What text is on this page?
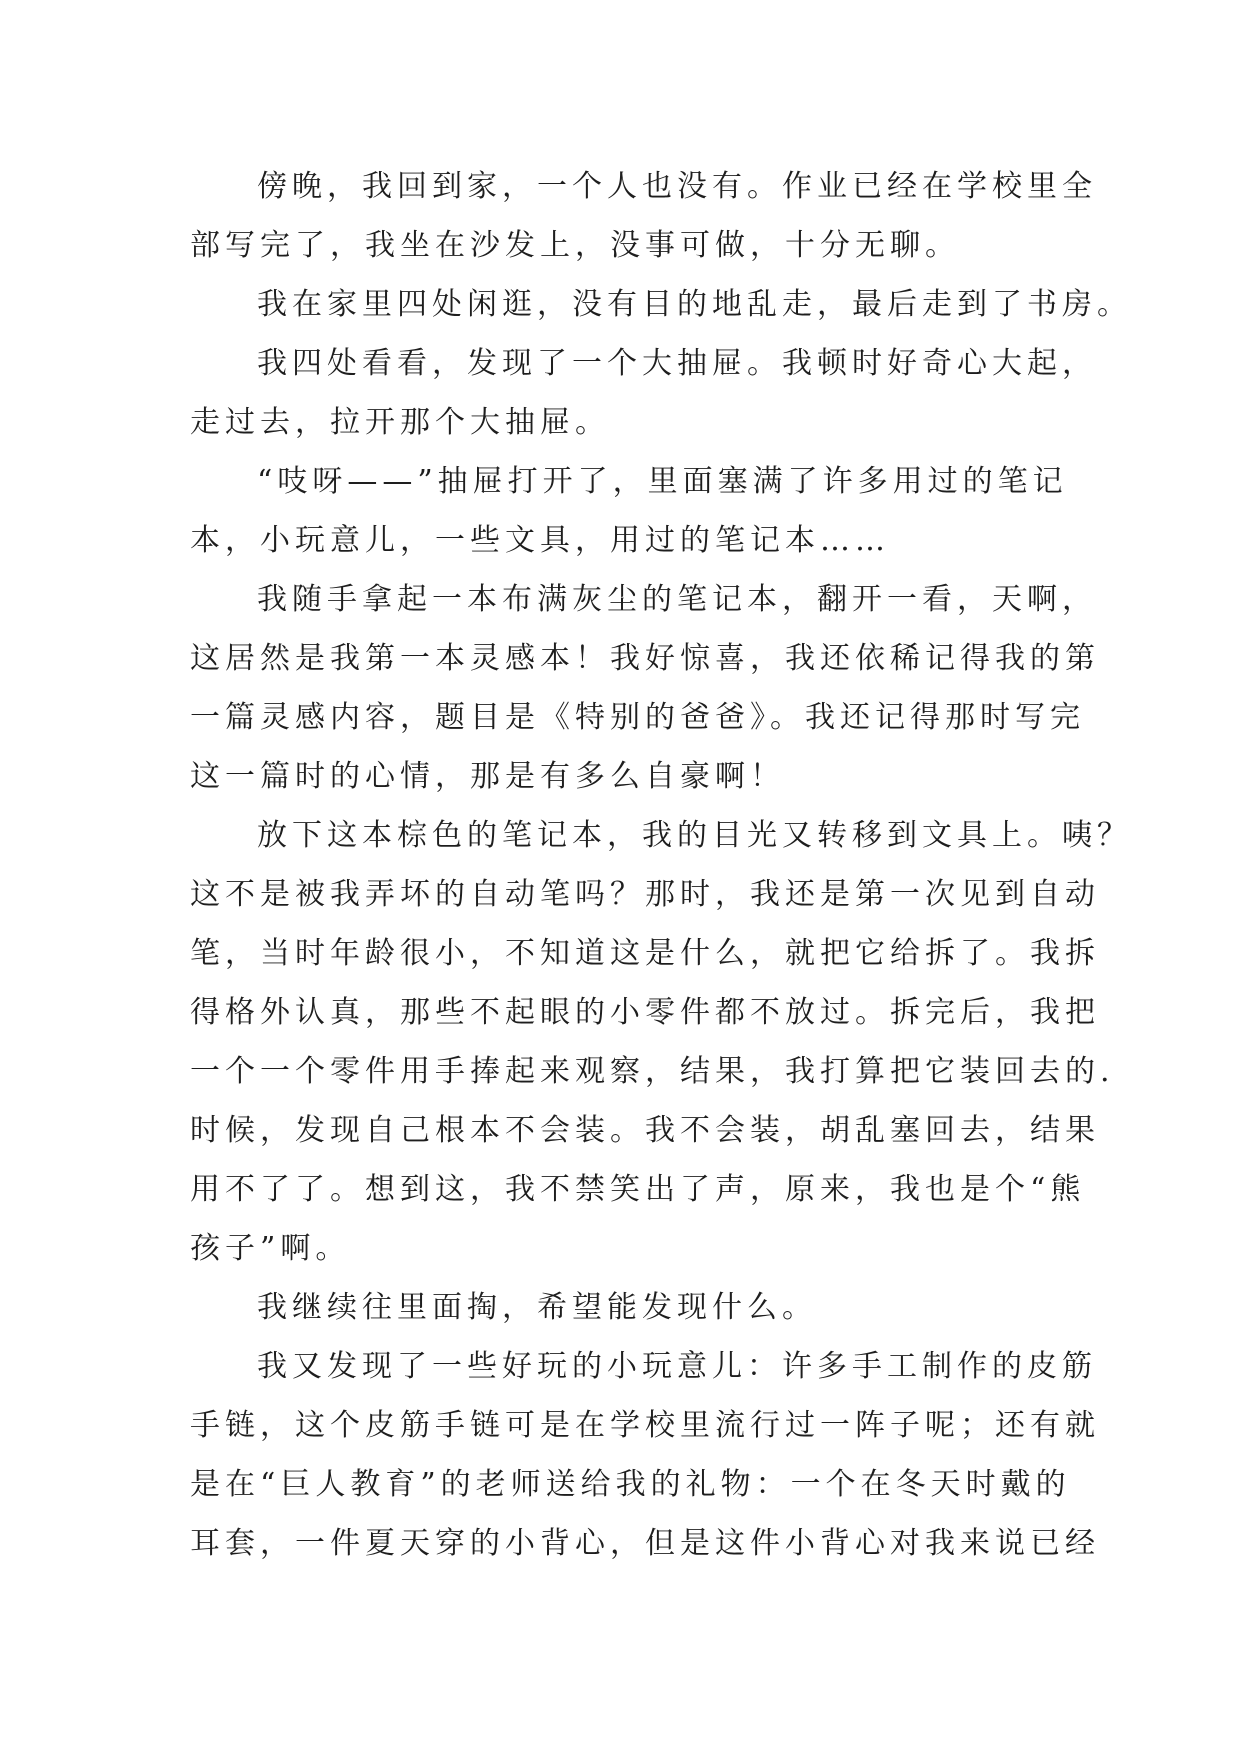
傍晚，我回到家，一个人也没有。作业已经在学校里全
部写完了，我坐在沙发上，没事可做，十分无聊。
我在家里四处闲逛，没有目的地乱走，最后走到了书房。
我四处看看，发现了一个大抽屉。我顿时好奇心大起，
走过去，拉开那个大抽屉。
“吱呀——”抽屉打开了，里面塞满了许多用过的笔记
本，小玩意儿，一些文具，用过的笔记本……
我随手拿起一本布满灰尘的笔记本，翻开一看，天啊，
这居然是我第一本灵感本！我好惊喜，我还依稀记得我的第
一篇灵感内容，题目是《特别的爸爸》。我还记得那时写完
这一篇时的心情，那是有多么自豪啊！
放下这本棕色的笔记本，我的目光又转移到文具上。咦？
这不是被我弄坏的自动笔吗？那时，我还是第一次见到自动
笔，当时年龄很小，不知道这是什么，就把它给拆了。我拆
得格外认真，那些不起眼的小零件都不放过。拆完后，我把
一个一个零件用手捧起来观察，结果，我打算把它装回去的.
时候，发现自己根本不会装。我不会装，胡乱塞回去，结果
用不了了。想到这，我不禁笑出了声，原来，我也是个“熊
孩子”啊。
我继续往里面掏，希望能发现什么。
我又发现了一些好玩的小玩意儿：许多手工制作的皮筋
手链，这个皮筋手链可是在学校里流行过一阵子呢；还有就
是在“巨人教育”的老师送给我的礼物：一个在冬天时戴的
耳套，一件夏天穿的小背心，但是这件小背心对我来说已经
